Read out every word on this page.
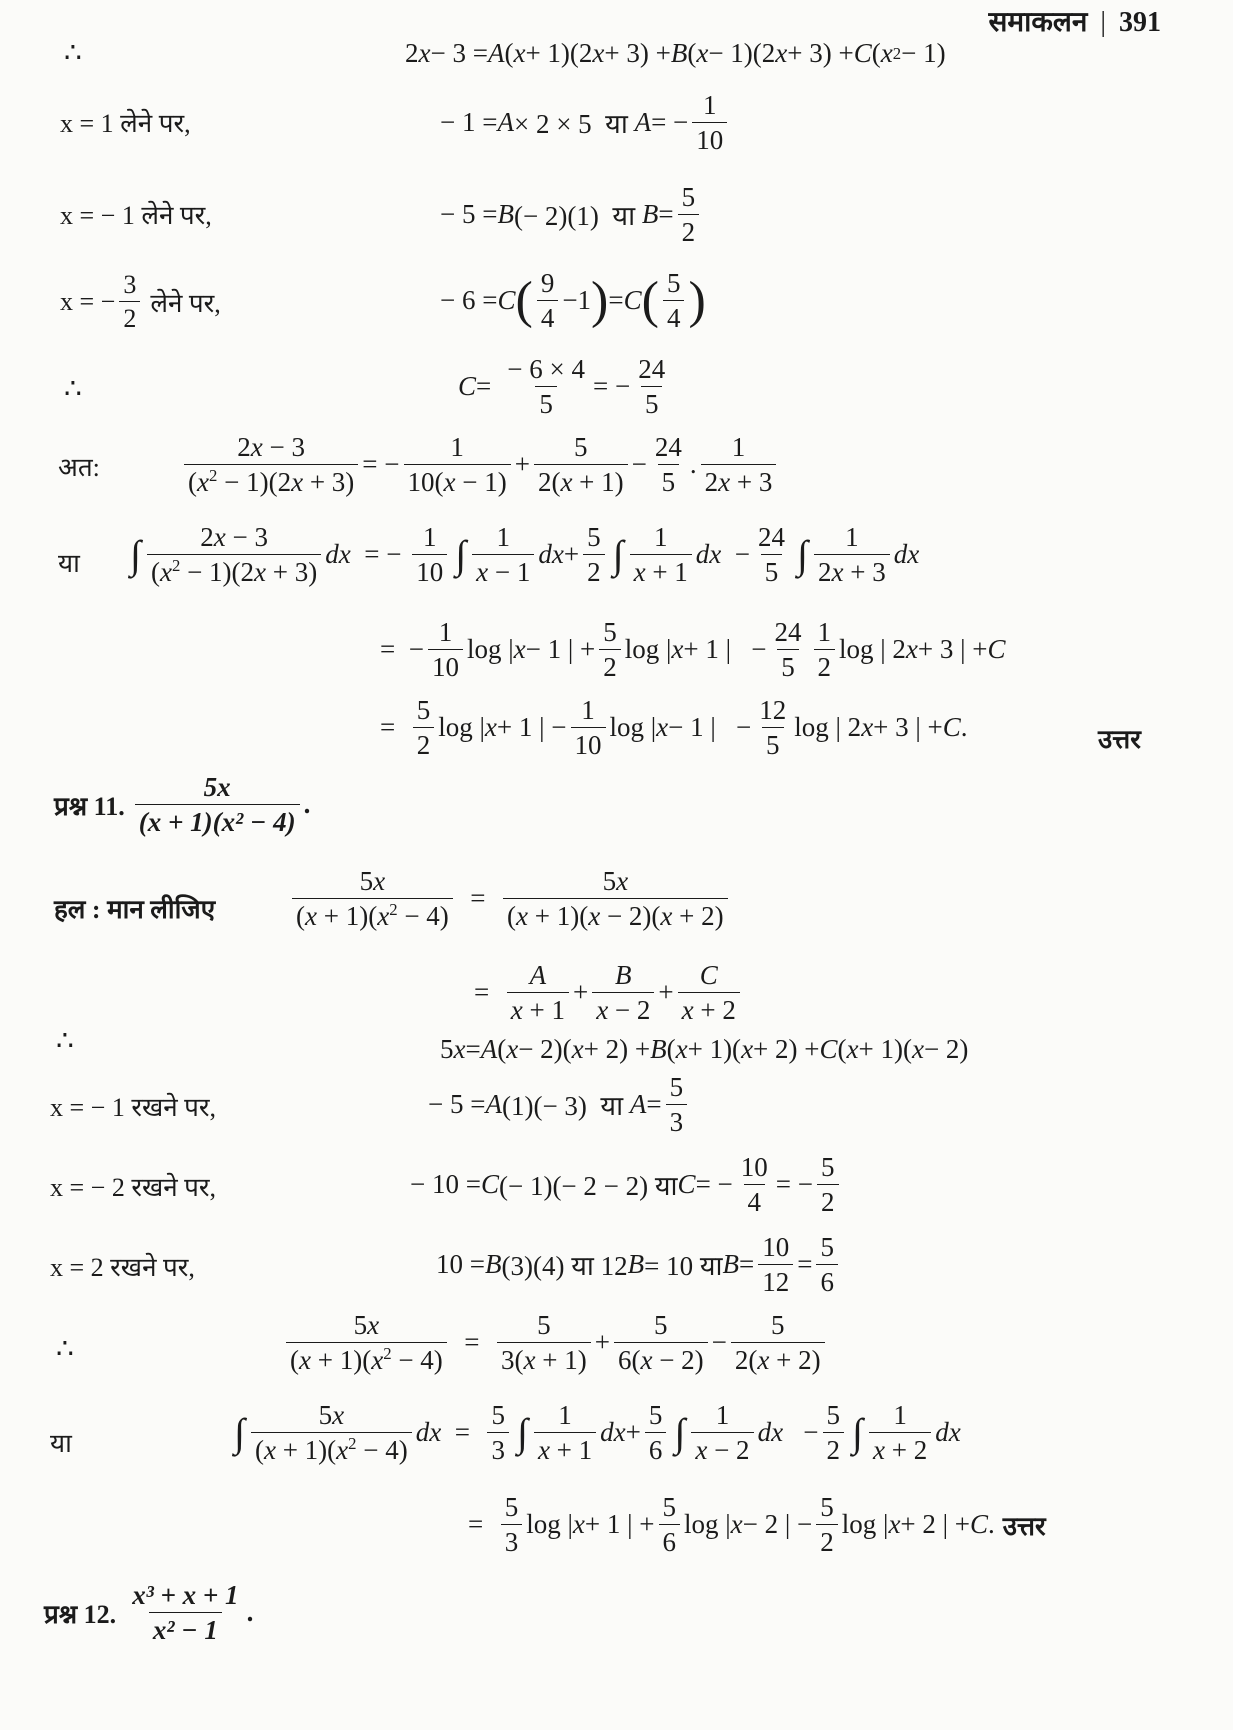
समाकलन | 391
∴	2 x − 3 = A ( x + 1)(2 x + 3) + B ( x − 1)(2 x + 3) + C ( x 2 − 1)
x = 1 लेने पर,	− 1 = A × 2 × 5  या A = − $\frac{1}{10}$
x = − 1 लेने पर,	− 5 = B (− 2)(1)  या $B = \frac{5}{2}$
x = − $\frac{3}{2}$ लेने पर,	− 6 = C ( $\frac{9}{4} -1$ ) = C ( $\frac{5}{4}$ )
∴	$C = \frac{- 6 \times 4}{5}$ = − $\frac{24}{5}$
अत:	$\frac{2x - 3}{(x^2 - 1)(2x + 3)}$ = − $\frac{1}{10(x - 1)} + \frac{5}{2(x + 1)} - \frac{24}{5}$ . $\frac{1}{2x + 3}$
या ∫ $\frac{2x - 3}{(x^2 - 1)(2x + 3)}$ dx = − $\frac{1}{10}$ ∫ $\frac{1}{x - 1}$ dx + $\frac{5}{2}$ ∫ $\frac{1}{x + 1}$ dx − $\frac{24}{5}$ ∫ $\frac{1}{2x + 3}$ dx
=  − $\frac{1}{10}$ log | x − 1 | + $\frac{5}{2}$ log | x + 1 |   − $\frac{24}{5} \frac{1}{2}$ log | 2 x + 3 | + C
= $\frac{5}{2}$ log | x + 1 | − $\frac{1}{10}$ log | x − 1 |   − $\frac{12}{5}$ log | 2 x + 3 | + C .	उत्तर
प्रश्न 11. $\frac{5x}{\text{(x + 1)(x² − 4)}}$ .
हल : मान लीजिए	$\frac{5x}{(x + 1)(x^2 - 4)} = \frac{5x}{(x + 1)(x - 2)(x + 2)}$
= $\frac{A}{x + 1} + \frac{B}{x - 2} + \frac{C}{x + 2}$
∴	5 x = A ( x − 2)( x + 2) + B ( x + 1)( x + 2) + C ( x + 1)( x − 2)
x = − 1 रखने पर,	− 5 = A (1)(− 3)  या $A = \frac{5}{3}$
x = − 2 रखने पर,	− 10 = C (− 1)(− 2 − 2) या C = − $\frac{10}{4}$ = − $\frac{5}{2}$
x = 2 रखने पर,	10 = B (3)(4) या 12 B = 10 या $B = \frac{10}{12} = \frac{5}{6}$
∴	$\frac{5x}{(x + 1)(x^2 - 4)} = \frac{5}{3(x + 1)} + \frac{5}{6(x - 2)} - \frac{5}{2(x + 2)}$
या	∫ $\frac{5x}{(x + 1)(x^2 - 4)}$ dx = $\frac{5}{3}$ ∫ $\frac{1}{x + 1}$ dx + $\frac{5}{6}$ ∫ $\frac{1}{x - 2}$ dx − $\frac{5}{2}$ ∫ $\frac{1}{x + 2}$ dx
= $\frac{5}{3}$ log | x + 1 | + $\frac{5}{6}$ log | x − 2 | − $\frac{5}{2}$ log | x + 2 | + C . उत्तर
प्रश्न 12. $\frac{\text{x³ + x + 1}}{\text{x² − 1}}$ .
